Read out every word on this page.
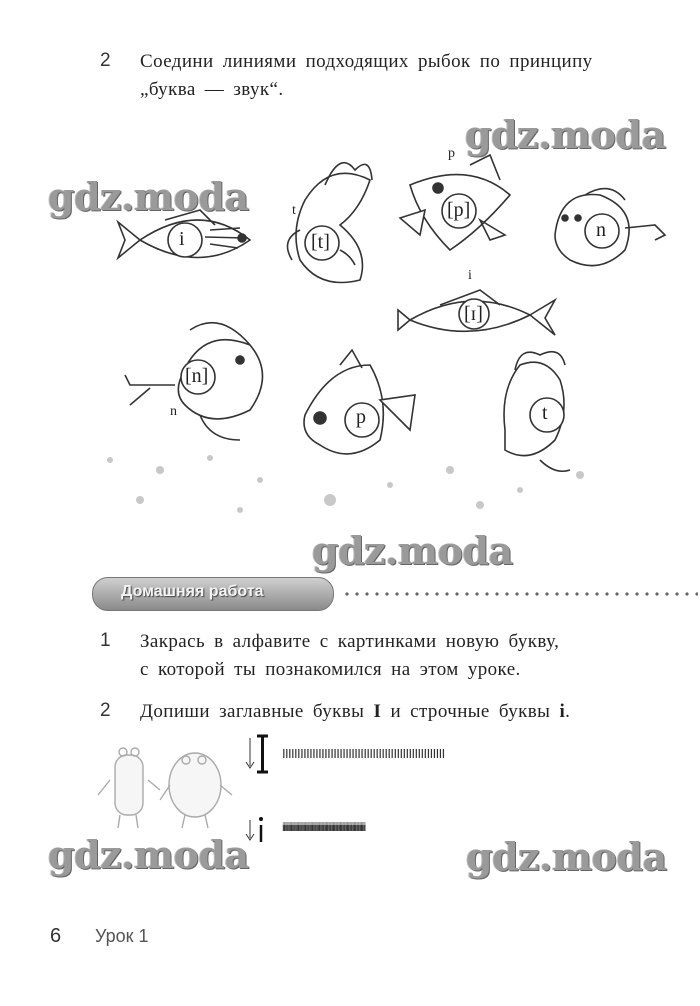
2 Соедини линиями подходящих рыбок по принципу
„буква — звук“.
gdz.moda
gdz.moda
gdz.moda
gdz.moda	gdz.moda
i	[t]
t	[p]
p
n
[ɪ]
i
[n]
n	p	t
Домашняя работа
1 Закрась в алфавите с картинками новую букву,
с которой ты познакомился на этом уроке.
2 Допиши заглавные буквы I и строчные буквы i.
IIIIIIIIIIIIIIIIIIIIIIIIIIIIIIIIIIIIIIIIIIIIIIIIIIIIII
iiiiiiiiiiiiiiiiiiiiiiiiiiiiiiiiiiiiiiiiiiiiiiiiiiiiiiiiiiiiiiiiiiiiiii
6 Урок 1
